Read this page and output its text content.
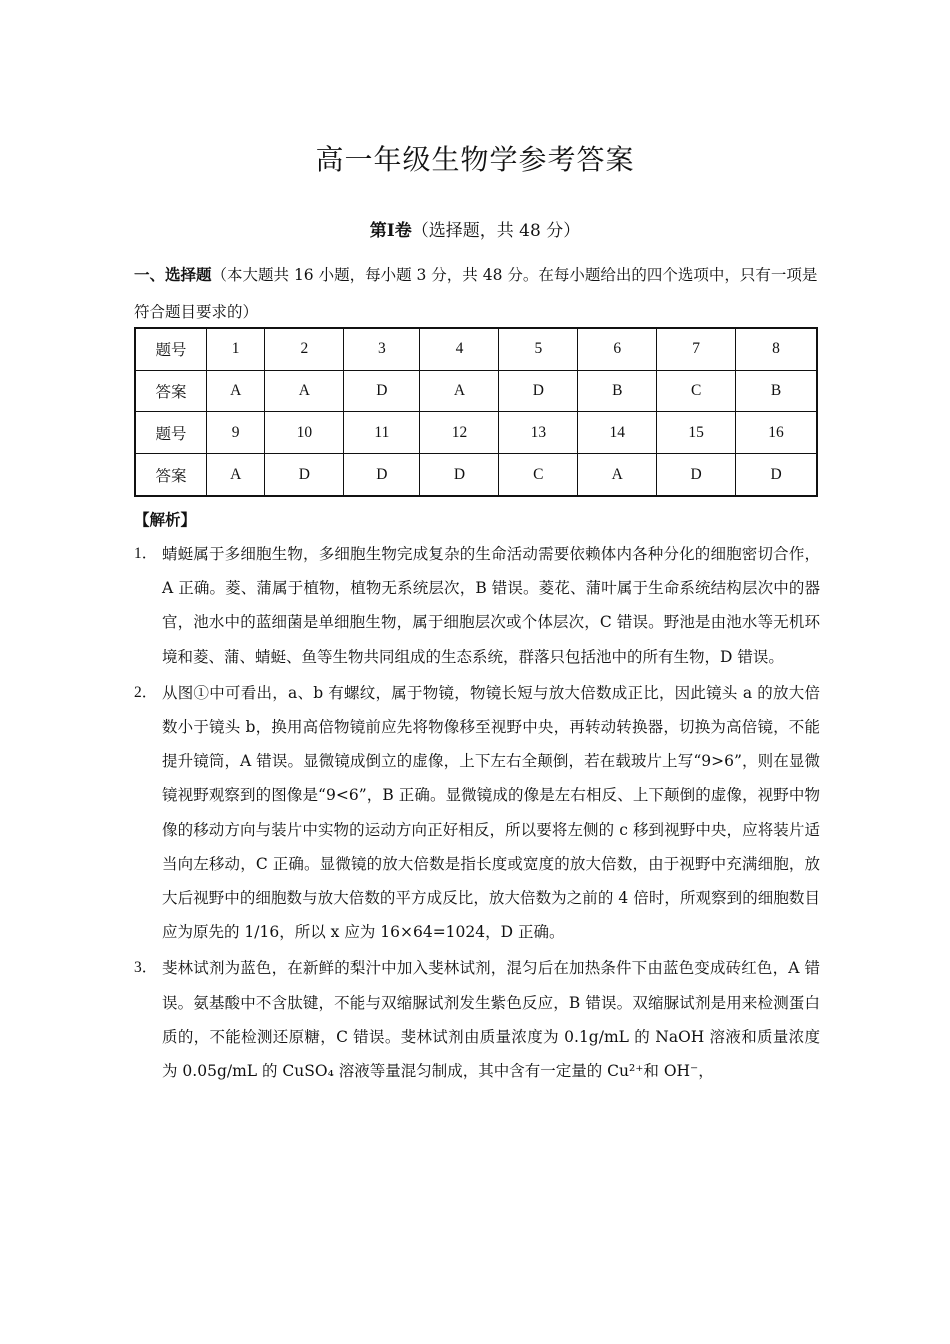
高一年级生物学参考答案
第Ⅰ卷（选择题，共 48 分）
一、选择题（本大题共 16 小题，每小题 3 分，共 48 分。在每小题给出的四个选项中，只有一项是符合题目要求的）
题号	1	2	3	4	5	6	7	8
答案	A	A	D	A	D	B	C	B
题号	9	10	11	12	13	14	15	16
答案	A	D	D	D	C	A	D	D
【解析】
1． 蜻蜓属于多细胞生物，多细胞生物完成复杂的生命活动需要依赖体内各种分化的细胞密切合作，A 正确。菱、蒲属于植物，植物无系统层次，B 错误。菱花、蒲叶属于生命系统结构层次中的器官，池水中的蓝细菌是单细胞生物，属于细胞层次或个体层次，C 错误。野池是由池水等无机环境和菱、蒲、蜻蜓、鱼等生物共同组成的生态系统，群落只包括池中的所有生物，D 错误。
2． 从图①中可看出，a、b 有螺纹，属于物镜，物镜长短与放大倍数成正比，因此镜头 a 的放大倍数小于镜头 b，换用高倍物镜前应先将物像移至视野中央，再转动转换器，切换为高倍镜，不能提升镜筒，A 错误。显微镜成倒立的虚像，上下左右全颠倒，若在载玻片上写“9>6”，则在显微镜视野观察到的图像是“9<6”，B 正确。显微镜成的像是左右相反、上下颠倒的虚像，视野中物像的移动方向与装片中实物的运动方向正好相反，所以要将左侧的 c 移到视野中央，应将装片适当向左移动，C 正确。显微镜的放大倍数是指长度或宽度的放大倍数，由于视野中充满细胞，放大后视野中的细胞数与放大倍数的平方成反比，放大倍数为之前的 4 倍时，所观察到的细胞数目应为原先的 1/16，所以 x 应为 16×64=1024，D 正确。
3． 斐林试剂为蓝色，在新鲜的梨汁中加入斐林试剂，混匀后在加热条件下由蓝色变成砖红色，A 错误。氨基酸中不含肽键，不能与双缩脲试剂发生紫色反应，B 错误。双缩脲试剂是用来检测蛋白质的，不能检测还原糖，C 错误。斐林试剂由质量浓度为 0.1g/mL 的 NaOH 溶液和质量浓度为 0.05g/mL 的 CuSO₄ 溶液等量混匀制成，其中含有一定量的 Cu²⁺和 OH⁻，
